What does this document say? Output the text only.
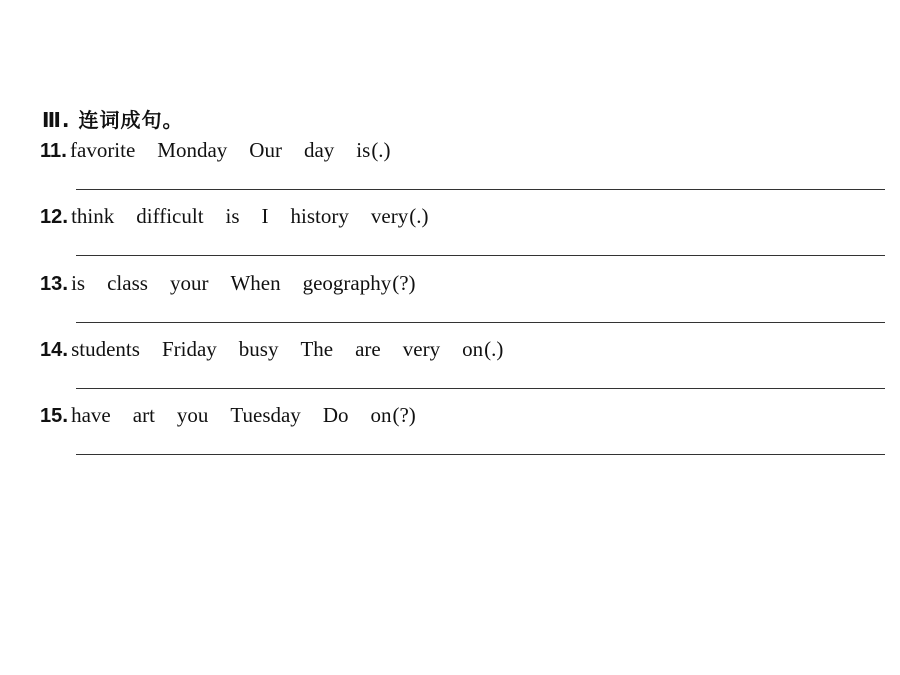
Ⅲ. 连词成句。
11. favorite Monday Our day is(.)
12. think difficult is I history very(.)
13. is class your When geography(?)
14. students Friday busy The are very on(.)
15. have art you Tuesday Do on(?)
